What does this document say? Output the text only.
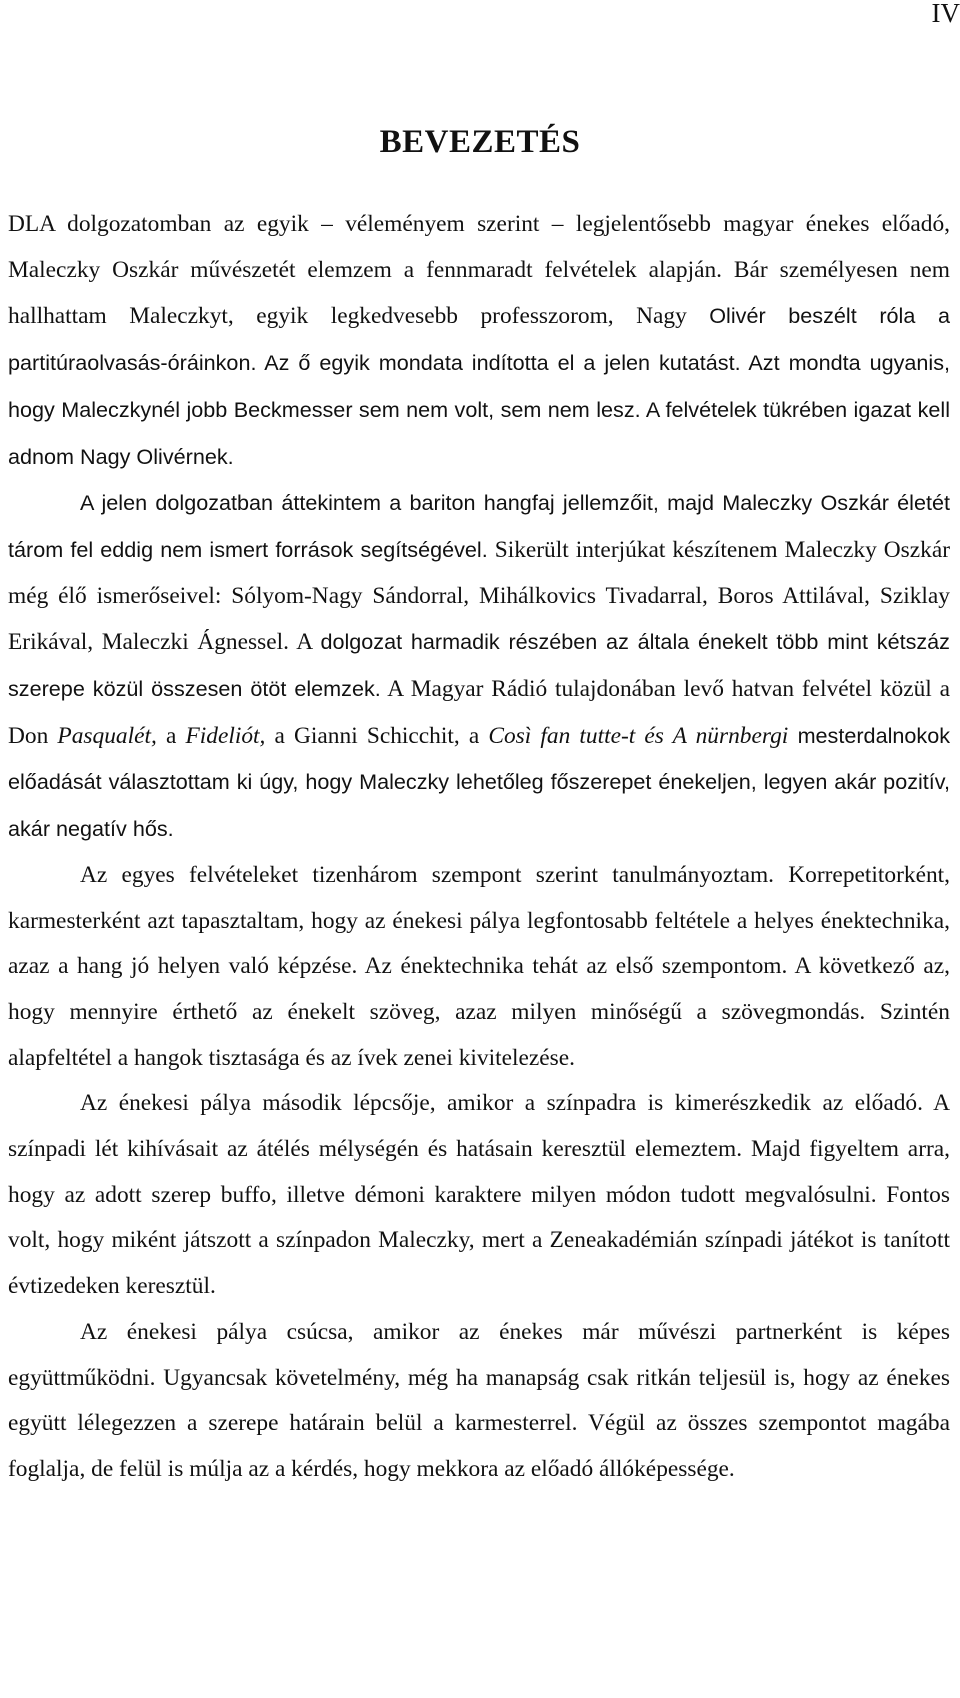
IV
BEVEZETÉS

DLA dolgozatomban az egyik – véleményem szerint – legjelentősebb magyar énekes előadó, Maleczky Oszkár művészetét elemzem a fennmaradt felvételek alapján. Bár személyesen nem hallhattam Maleczkyt, egyik legkedvesebb professzorom, Nagy Olivér beszélt róla a partitúraolvasás-óráinkon. Az ő egyik mondata indította el a jelen kutatást. Azt mondta ugyanis, hogy Maleczkynél jobb Beckmesser sem nem volt, sem nem lesz. A felvételek tükrében igazat kell adnom Nagy Olivérnek.

A jelen dolgozatban áttekintem a bariton hangfaj jellemzőit, majd Maleczky Oszkár életét tárom fel eddig nem ismert források segítségével. Sikerült interjúkat készítenem Maleczky Oszkár még élő ismerőseivel: Sólyom-Nagy Sándorral, Mihálkovics Tivadarral, Boros Attilával, Sziklay Erikával, Maleczki Ágnessel. A dolgozat harmadik részében az általa énekelt több mint kétszáz szerepe közül összesen ötöt elemzek. A Magyar Rádió tulajdonában levő hatvan felvétel közül a Don Pasqualét, a Fideliót, a Gianni Schicchit, a Così fan tutte-t és A nürnbergi mesterdalnokok előadását választottam ki úgy, hogy Maleczky lehetőleg főszerepet énekeljen, legyen akár pozitív, akár negatív hős.

Az egyes felvételeket tizenhárom szempont szerint tanulmányoztam. Korrepetitorként, karmesterként azt tapasztaltam, hogy az énekesi pálya legfontosabb feltétele a helyes énektechnika, azaz a hang jó helyen való képzése. Az énektechnika tehát az első szempontom. A következő az, hogy mennyire érthető az énekelt szöveg, azaz milyen minőségű a szövegmondás. Szintén alapfeltétel a hangok tisztasága és az ívek zenei kivitelezése.

Az énekesi pálya második lépcsője, amikor a színpadra is kimerészkedik az előadó. A színpadi lét kihívásait az átélés mélységén és hatásain keresztül elemeztem. Majd figyeltem arra, hogy az adott szerep buffo, illetve démoni karaktere milyen módon tudott megvalósulni. Fontos volt, hogy miként játszott a színpadon Maleczky, mert a Zeneakadémián színpadi játékot is tanított évtizedeken keresztül.

Az énekesi pálya csúcsa, amikor az énekes már művészi partnerként is képes együttműködni. Ugyancsak követelmény, még ha manapság csak ritkán teljesül is, hogy az énekes együtt lélegezzen a szerepe határain belül a karmesterrel. Végül az összes szempontot magába foglalja, de felül is múlja az a kérdés, hogy mekkora az előadó állóképessége.
